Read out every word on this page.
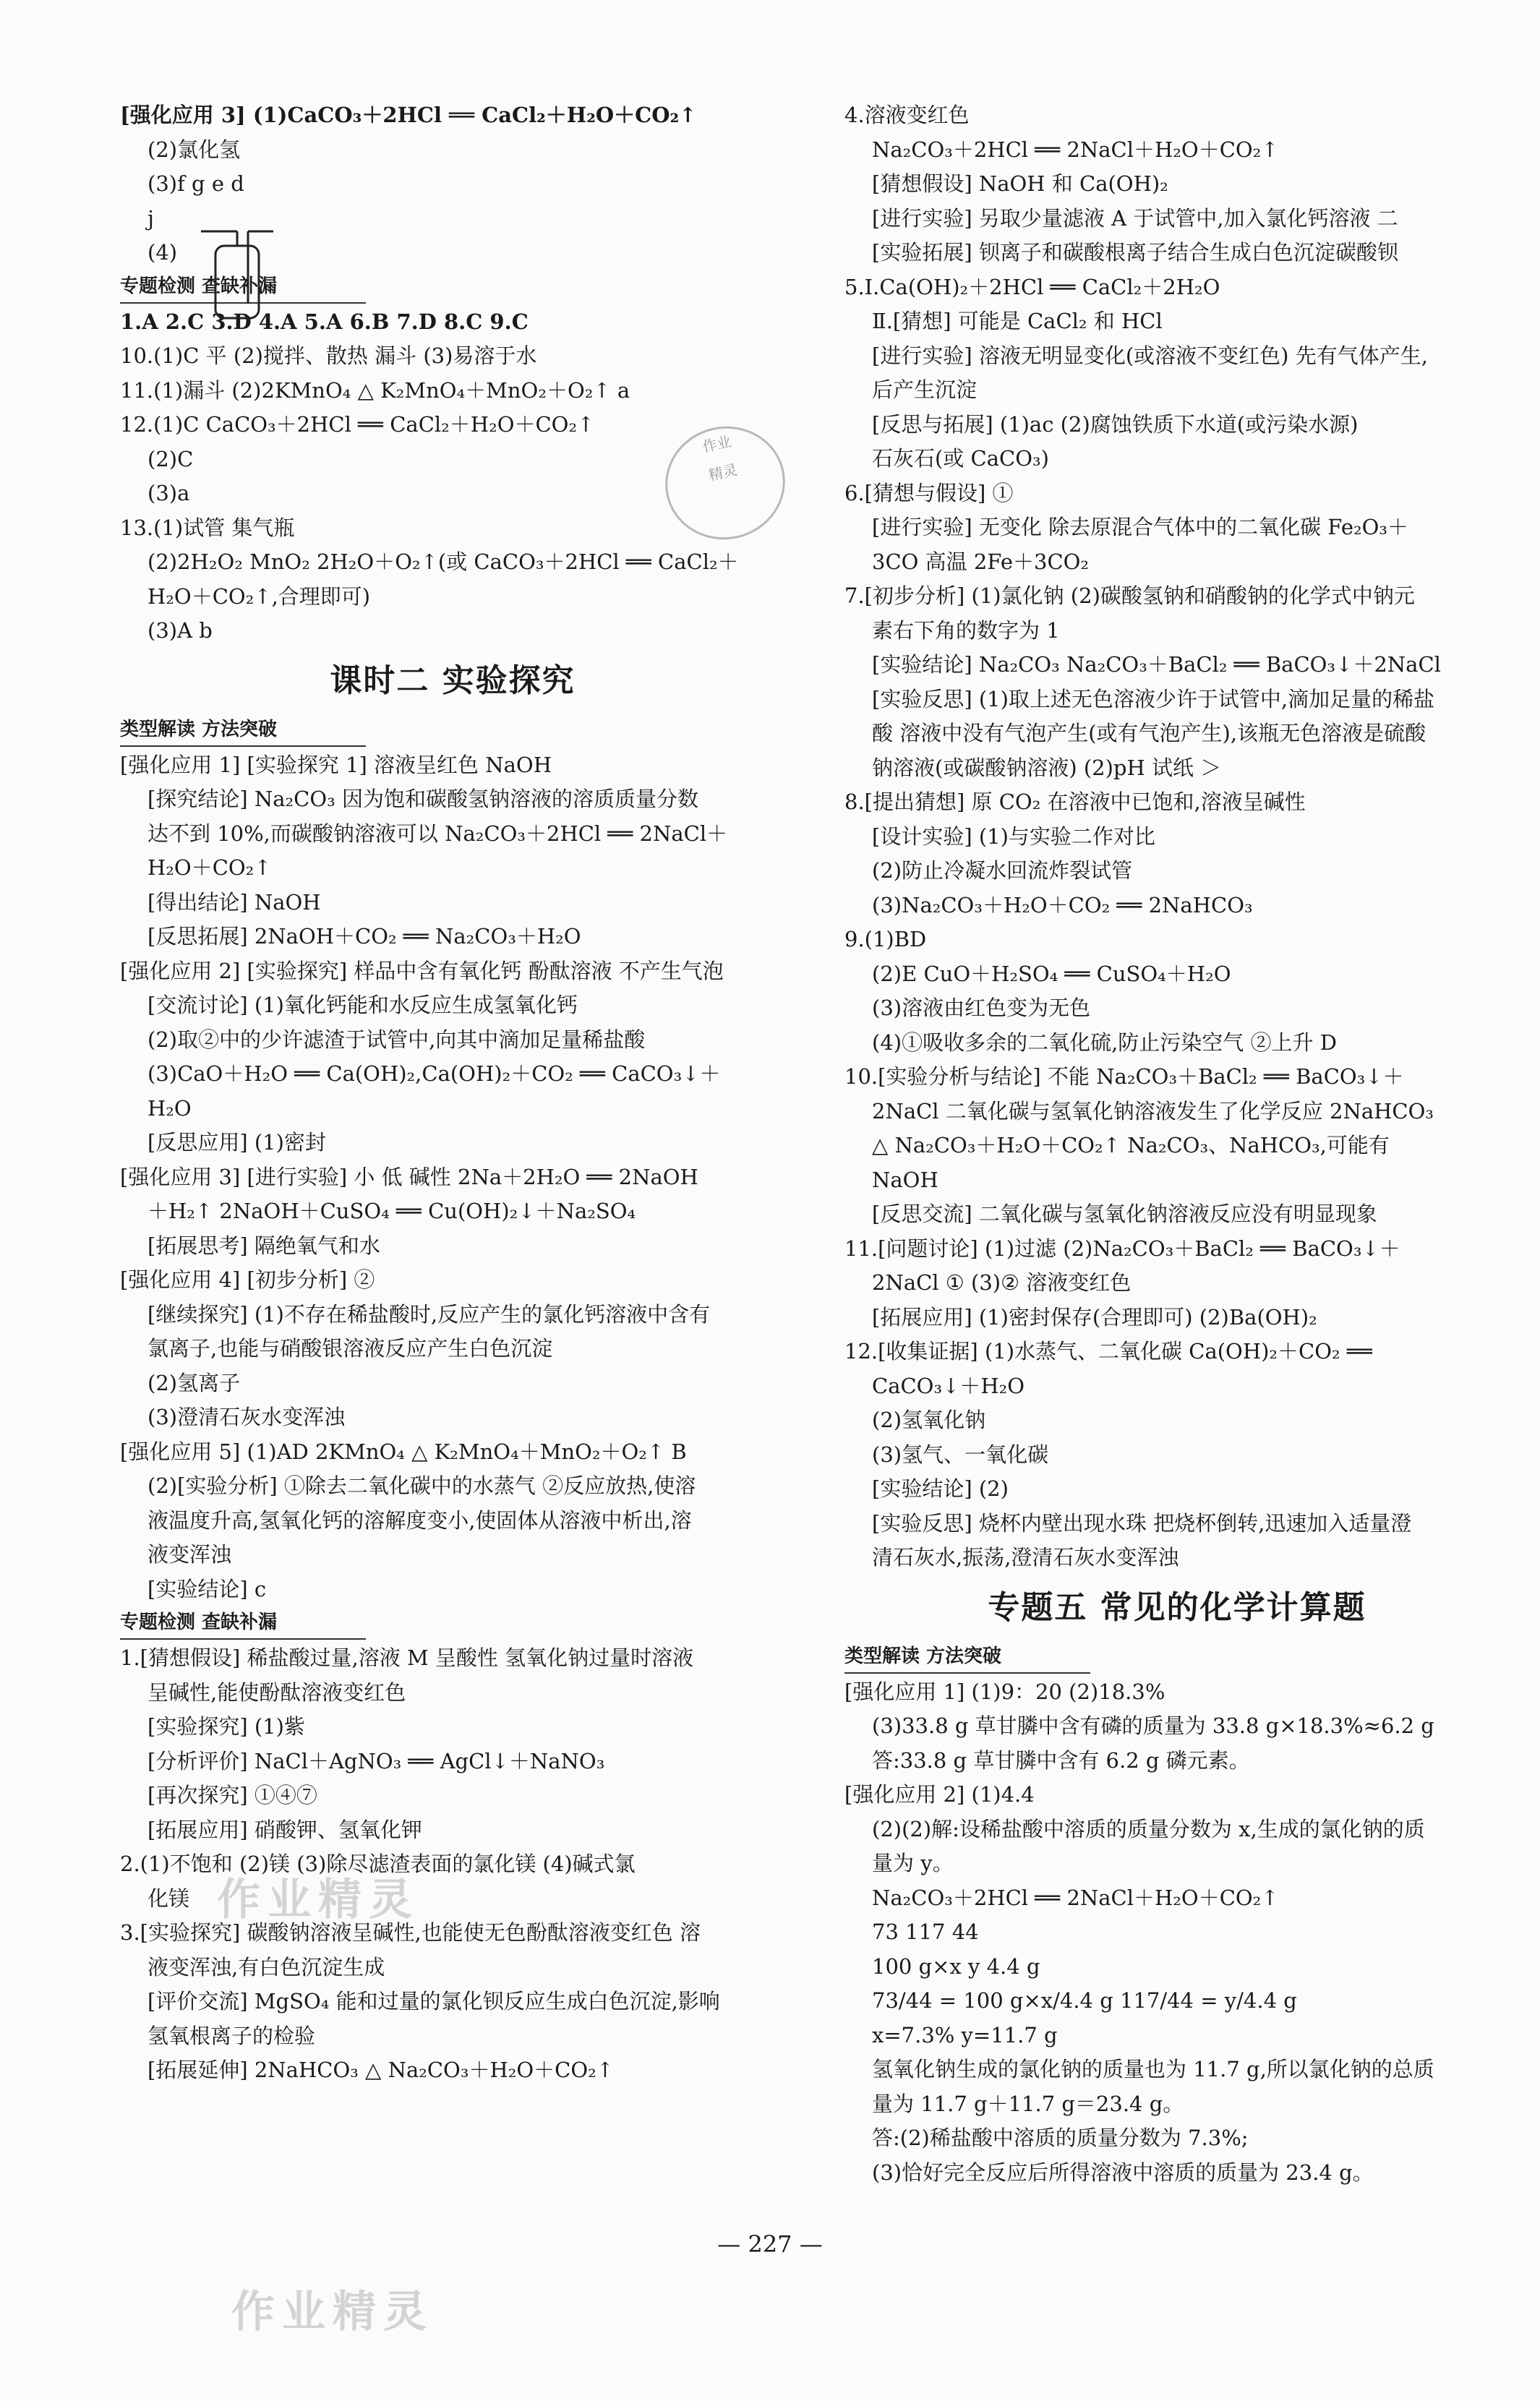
[强化应用 3] (1)CaCO₃＋2HCl ══ CaCl₂＋H₂O＋CO₂↑
(2)氯化氢
(3)f g e d
j
(4)
专题检测 查缺补漏
1.A 2.C 3.D 4.A 5.A 6.B 7.D 8.C 9.C
10.(1)C 平 (2)搅拌、散热 漏斗 (3)易溶于水
11.(1)漏斗 (2)2KMnO₄ △ K₂MnO₄＋MnO₂＋O₂↑ a
12.(1)C CaCO₃＋2HCl ══ CaCl₂＋H₂O＋CO₂↑
(2)C
(3)a
13.(1)试管 集气瓶
(2)2H₂O₂ MnO₂ 2H₂O＋O₂↑(或 CaCO₃＋2HCl ══ CaCl₂＋
H₂O＋CO₂↑,合理即可)
(3)A b
课时二 实验探究
类型解读 方法突破
[强化应用 1] [实验探究 1] 溶液呈红色 NaOH
[探究结论] Na₂CO₃ 因为饱和碳酸氢钠溶液的溶质质量分数
达不到 10%,而碳酸钠溶液可以 Na₂CO₃＋2HCl ══ 2NaCl＋
H₂O＋CO₂↑
[得出结论] NaOH
[反思拓展] 2NaOH＋CO₂ ══ Na₂CO₃＋H₂O
[强化应用 2] [实验探究] 样品中含有氧化钙 酚酞溶液 不产生气泡
[交流讨论] (1)氧化钙能和水反应生成氢氧化钙
(2)取②中的少许滤渣于试管中,向其中滴加足量稀盐酸
(3)CaO＋H₂O ══ Ca(OH)₂,Ca(OH)₂＋CO₂ ══ CaCO₃↓＋
H₂O
[反思应用] (1)密封
[强化应用 3] [进行实验] 小 低 碱性 2Na＋2H₂O ══ 2NaOH
＋H₂↑ 2NaOH＋CuSO₄ ══ Cu(OH)₂↓＋Na₂SO₄
[拓展思考] 隔绝氧气和水
[强化应用 4] [初步分析] ②
[继续探究] (1)不存在稀盐酸时,反应产生的氯化钙溶液中含有
氯离子,也能与硝酸银溶液反应产生白色沉淀
(2)氢离子
(3)澄清石灰水变浑浊
[强化应用 5] (1)AD 2KMnO₄ △ K₂MnO₄＋MnO₂＋O₂↑ B
(2)[实验分析] ①除去二氧化碳中的水蒸气 ②反应放热,使溶
液温度升高,氢氧化钙的溶解度变小,使固体从溶液中析出,溶
液变浑浊
[实验结论] c
专题检测 查缺补漏
1.[猜想假设] 稀盐酸过量,溶液 M 呈酸性 氢氧化钠过量时溶液
呈碱性,能使酚酞溶液变红色
[实验探究] (1)紫
[分析评价] NaCl＋AgNO₃ ══ AgCl↓＋NaNO₃
[再次探究] ①④⑦
[拓展应用] 硝酸钾、氢氧化钾
2.(1)不饱和 (2)镁 (3)除尽滤渣表面的氯化镁 (4)碱式氯
化镁
3.[实验探究] 碳酸钠溶液呈碱性,也能使无色酚酞溶液变红色 溶
液变浑浊,有白色沉淀生成
[评价交流] MgSO₄ 能和过量的氯化钡反应生成白色沉淀,影响
氢氧根离子的检验
[拓展延伸] 2NaHCO₃ △ Na₂CO₃＋H₂O＋CO₂↑
4.溶液变红色
Na₂CO₃＋2HCl ══ 2NaCl＋H₂O＋CO₂↑
[猜想假设] NaOH 和 Ca(OH)₂
[进行实验] 另取少量滤液 A 于试管中,加入氯化钙溶液 二
[实验拓展] 钡离子和碳酸根离子结合生成白色沉淀碳酸钡
5.Ⅰ.Ca(OH)₂＋2HCl ══ CaCl₂＋2H₂O
Ⅱ.[猜想] 可能是 CaCl₂ 和 HCl
[进行实验] 溶液无明显变化(或溶液不变红色) 先有气体产生,
后产生沉淀
[反思与拓展] (1)ac (2)腐蚀铁质下水道(或污染水源)
石灰石(或 CaCO₃)
6.[猜想与假设] ①
[进行实验] 无变化 除去原混合气体中的二氧化碳 Fe₂O₃＋
3CO 高温 2Fe＋3CO₂
7.[初步分析] (1)氯化钠 (2)碳酸氢钠和硝酸钠的化学式中钠元
素右下角的数字为 1
[实验结论] Na₂CO₃ Na₂CO₃＋BaCl₂ ══ BaCO₃↓＋2NaCl
[实验反思] (1)取上述无色溶液少许于试管中,滴加足量的稀盐
酸 溶液中没有气泡产生(或有气泡产生),该瓶无色溶液是硫酸
钠溶液(或碳酸钠溶液) (2)pH 试纸 ＞
8.[提出猜想] 原 CO₂ 在溶液中已饱和,溶液呈碱性
[设计实验] (1)与实验二作对比
(2)防止冷凝水回流炸裂试管
(3)Na₂CO₃＋H₂O＋CO₂ ══ 2NaHCO₃
9.(1)BD
(2)E CuO＋H₂SO₄ ══ CuSO₄＋H₂O
(3)溶液由红色变为无色
(4)①吸收多余的二氧化硫,防止污染空气 ②上升 D
10.[实验分析与结论] 不能 Na₂CO₃＋BaCl₂ ══ BaCO₃↓＋
2NaCl 二氧化碳与氢氧化钠溶液发生了化学反应 2NaHCO₃
△ Na₂CO₃＋H₂O＋CO₂↑ Na₂CO₃、NaHCO₃,可能有
NaOH
[反思交流] 二氧化碳与氢氧化钠溶液反应没有明显现象
11.[问题讨论] (1)过滤 (2)Na₂CO₃＋BaCl₂ ══ BaCO₃↓＋
2NaCl ① (3)② 溶液变红色
[拓展应用] (1)密封保存(合理即可) (2)Ba(OH)₂
12.[收集证据] (1)水蒸气、二氧化碳 Ca(OH)₂＋CO₂ ══
CaCO₃↓＋H₂O
(2)氢氧化钠
(3)氢气、一氧化碳
[实验结论] (2)
[实验反思] 烧杯内壁出现水珠 把烧杯倒转,迅速加入适量澄
清石灰水,振荡,澄清石灰水变浑浊
专题五 常见的化学计算题
类型解读 方法突破
[强化应用 1] (1)9：20 (2)18.3%
(3)33.8 g 草甘膦中含有磷的质量为 33.8 g×18.3%≈6.2 g
答:33.8 g 草甘膦中含有 6.2 g 磷元素。
[强化应用 2] (1)4.4
(2)(2)解:设稀盐酸中溶质的质量分数为 x,生成的氯化钠的质
量为 y。
Na₂CO₃＋2HCl ══ 2NaCl＋H₂O＋CO₂↑
73 117 44
100 g×x y 4.4 g
73/44 = 100 g×x/4.4 g 117/44 = y/4.4 g
x=7.3% y=11.7 g
氢氧化钠生成的氯化钠的质量也为 11.7 g,所以氯化钠的总质
量为 11.7 g＋11.7 g＝23.4 g。
答:(2)稀盐酸中溶质的质量分数为 7.3%;
(3)恰好完全反应后所得溶液中溶质的质量为 23.4 g。
作业
精灵
作业精灵
作业精灵
— 227 —
